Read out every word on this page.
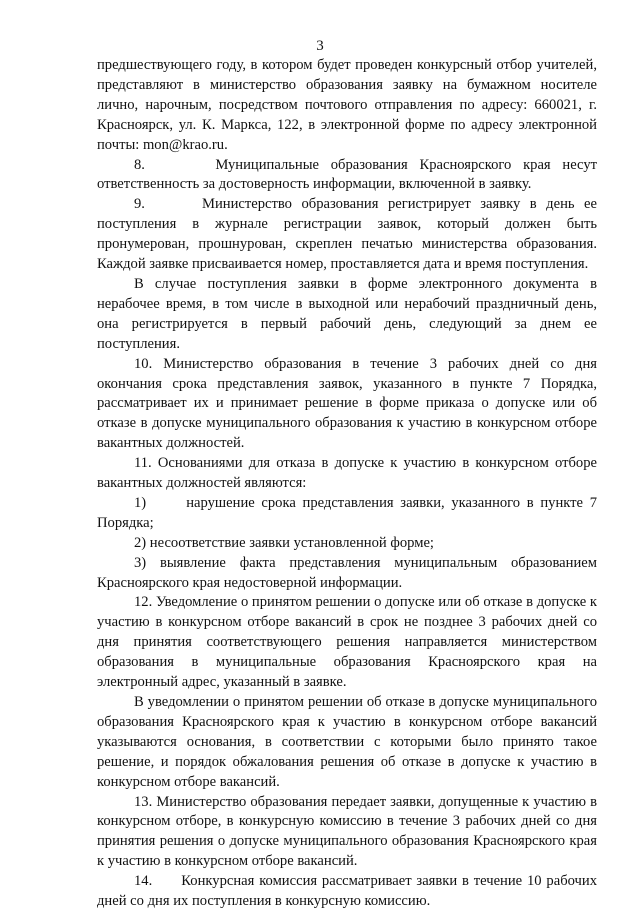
3

предшествующего году, в котором будет проведен конкурсный отбор учителей, представляют в министерство образования заявку на бумажном носителе лично, нарочным, посредством почтового отправления по адресу: 660021, г. Красноярск, ул. К. Маркса, 122, в электронной форме по адресу электронной почты: mon@krao.ru.

8.      Муниципальные образования Красноярского края несут ответственность за достоверность информации, включенной в заявку.

9.      Министерство образования регистрирует заявку в день ее поступления в журнале регистрации заявок, который должен быть пронумерован, прошнурован, скреплен печатью министерства образования. Каждой заявке присваивается номер, проставляется дата и время поступления.

В случае поступления заявки в форме электронного документа в нерабочее время, в том числе в выходной или нерабочий праздничный день, она регистрируется в первый рабочий день, следующий за днем ее поступления.

10. Министерство образования в течение 3 рабочих дней со дня окончания срока представления заявок, указанного в пункте 7 Порядка, рассматривает их и принимает решение в форме приказа о допуске или об отказе в допуске муниципального образования к участию в конкурсном отборе вакантных должностей.

11. Основаниями для отказа в допуске к участию в конкурсном отборе вакантных должностей являются:

1)      нарушение срока представления заявки, указанного в пункте 7 Порядка;

2) несоответствие заявки установленной форме;

3) выявление факта представления муниципальным образованием Красноярского края недостоверной информации.

12. Уведомление о принятом решении о допуске или об отказе в допуске к участию в конкурсном отборе вакансий в срок не позднее 3 рабочих дней со дня принятия соответствующего решения направляется министерством образования в муниципальные образования Красноярского края на электронный адрес, указанный в заявке.

В уведомлении о принятом решении об отказе в допуске муниципального образования Красноярского края к участию в конкурсном отборе вакансий указываются основания, в соответствии с которыми было принято такое решение, и порядок обжалования решения об отказе в допуске к участию в конкурсном отборе вакансий.

13. Министерство образования передает заявки, допущенные к участию в конкурсном отборе, в конкурсную комиссию в течение 3 рабочих дней со дня принятия решения о допуске муниципального образования Красноярского края к участию в конкурсном отборе вакансий.

14.      Конкурсная комиссия рассматривает заявки в течение 10 рабочих дней со дня их поступления в конкурсную комиссию.
